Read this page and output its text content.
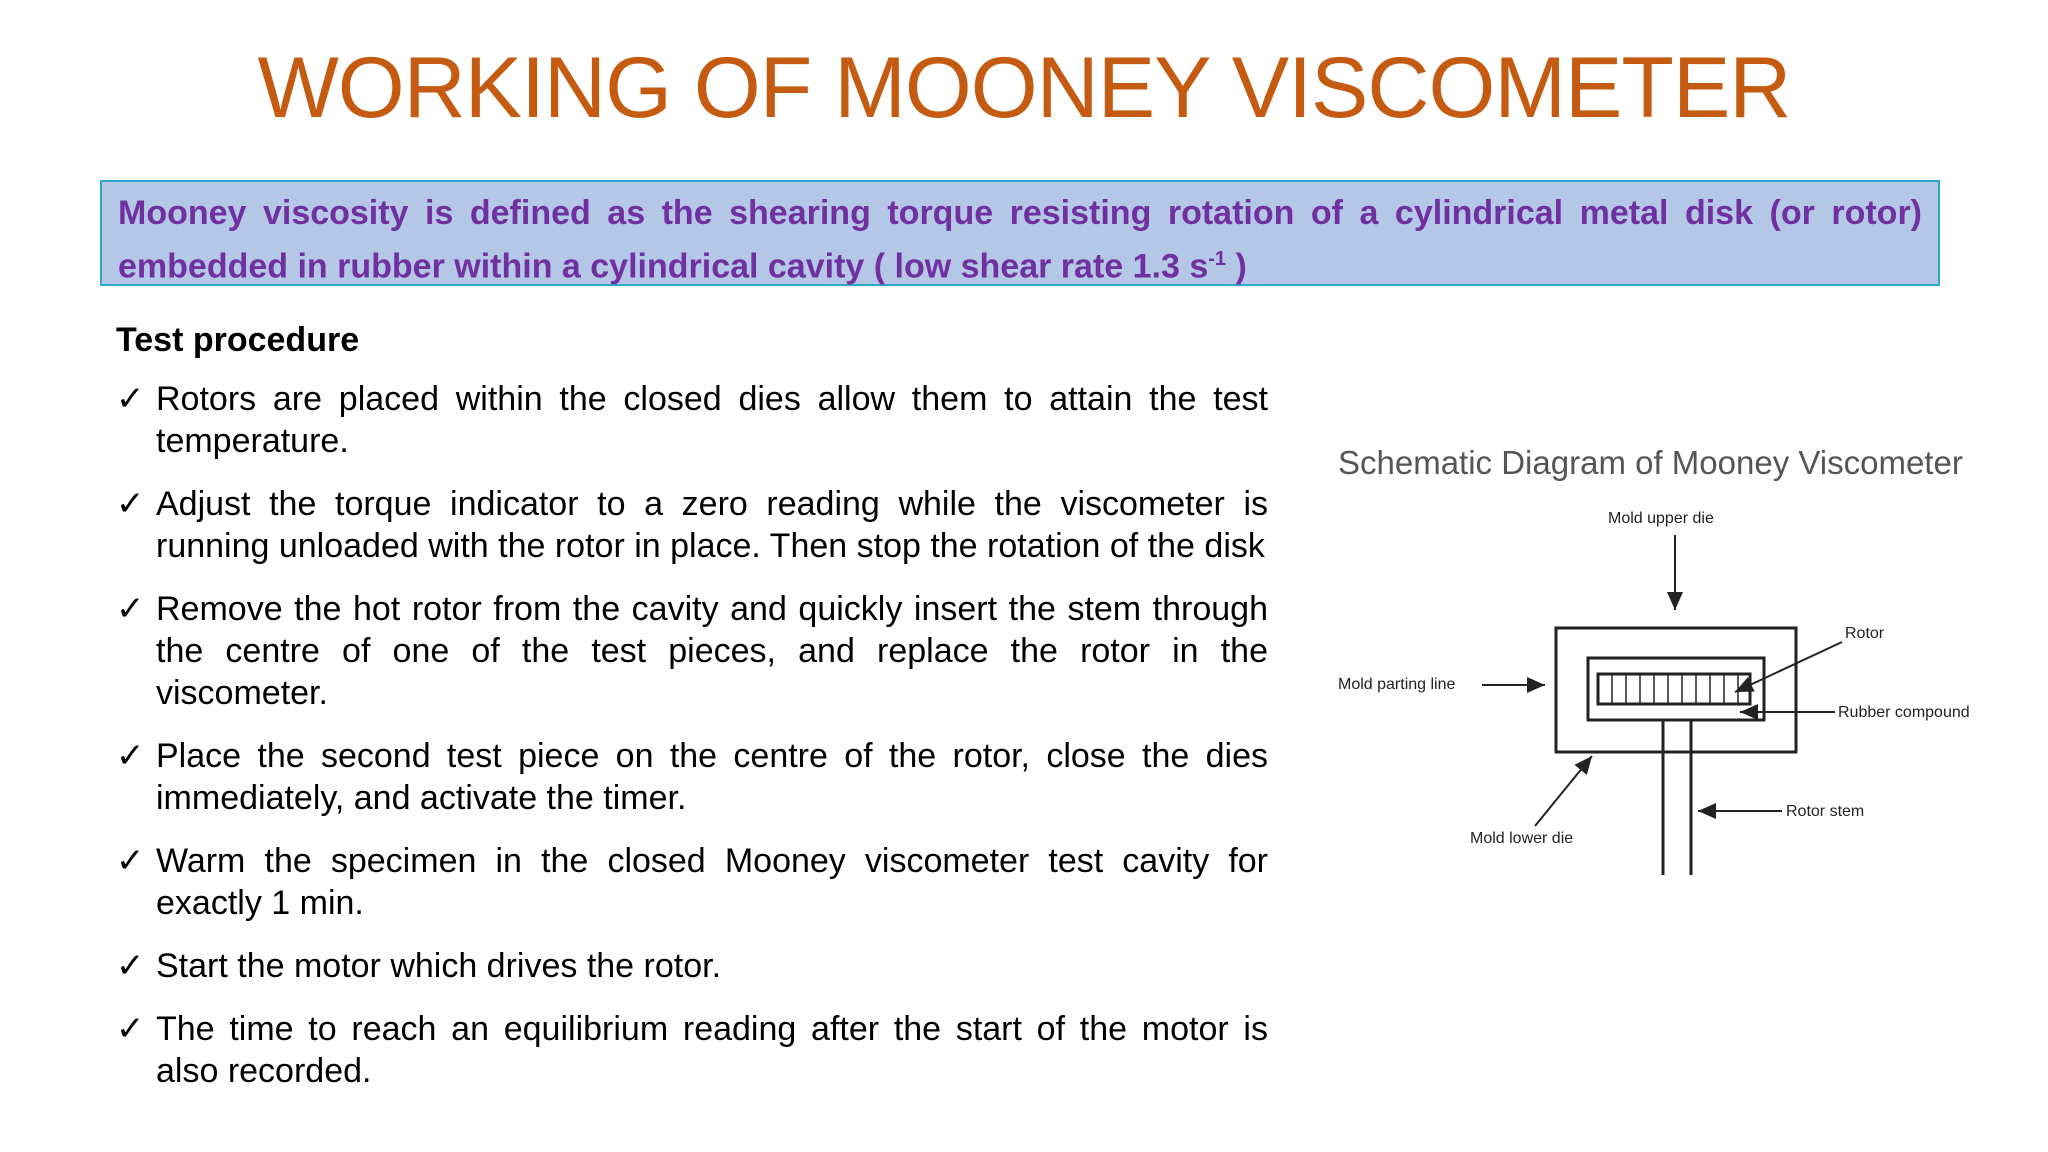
WORKING OF MOONEY VISCOMETER
Mooney viscosity is defined as the shearing torque resisting rotation of a cylindrical metal disk (or rotor) embedded in rubber within a cylindrical cavity ( low shear rate 1.3 $s^{-1}$ )
Test procedure
✓ Rotors are placed within the closed dies allow them to attain the test temperature.
✓ Adjust the torque indicator to a zero reading while the viscometer is running unloaded with the rotor in place. Then stop the rotation of the disk
✓ Remove the hot rotor from the cavity and quickly insert the stem through the centre of one of the test pieces, and replace the rotor in the viscometer.
✓ Place the second test piece on the centre of the rotor, close the dies immediately, and activate the timer.
✓ Warm the specimen in the closed Mooney viscometer test cavity for exactly 1 min.
✓ Start the motor which drives the rotor.
✓ The time to reach an equilibrium reading after the start of the motor is also recorded.
Schematic Diagram of Mooney Viscometer
Mold upper die
Rotor
Mold parting line
Rubber compound
Rotor stem
Mold lower die
